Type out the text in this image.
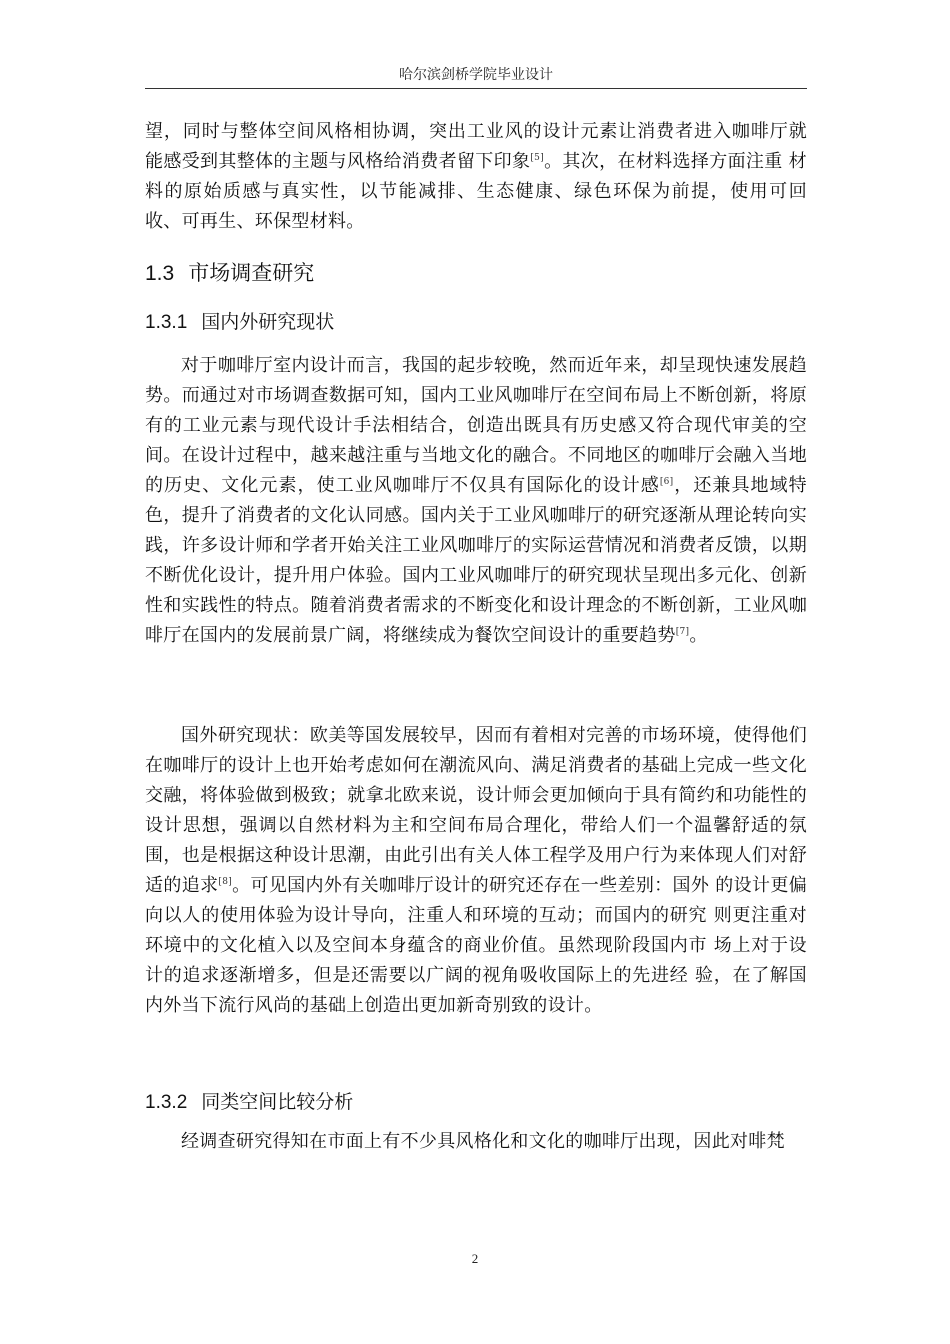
哈尔滨剑桥学院毕业设计
望，同时与整体空间风格相协调，突出工业风的设计元素让消费者进入咖啡厅就 能感受到其整体的主题与风格给消费者留下印象[5]。其次，在材料选择方面注重 材料的原始质感与真实性，以节能减排、生态健康、绿色环保为前提，使用可回 收、可再生、环保型材料。
1.3 市场调查研究
1.3.1 国内外研究现状
对于咖啡厅室内设计而言，我国的起步较晚，然而近年来，却呈现快速发展趋势。而通过对市场调查数据可知，国内工业风咖啡厅在空间布局上不断创新，将原有的工业元素与现代设计手法相结合，创造出既具有历史感又符合现代审美的空间。在设计过程中，越来越注重与当地文化的融合。不同地区的咖啡厅会融入当地的历史、文化元素，使工业风咖啡厅不仅具有国际化的设计感[6]，还兼具地域特色，提升了消费者的文化认同感。国内关于工业风咖啡厅的研究逐渐从理论转向实践，许多设计师和学者开始关注工业风咖啡厅的实际运营情况和消费者反馈，以期不断优化设计，提升用户体验。国内工业风咖啡厅的研究现状呈现出多元化、创新性和实践性的特点。随着消费者需求的不断变化和设计理念的不断创新，工业风咖啡厅在国内的发展前景广阔，将继续成为餐饮空间设计的重要趋势[7]。
国外研究现状：欧美等国发展较早，因而有着相对完善的市场环境，使得他们在咖啡厅的设计上也开始考虑如何在潮流风向、满足消费者的基础上完成一些文化交融，将体验做到极致；就拿北欧来说，设计师会更加倾向于具有简约和功能性的设计思想，强调以自然材料为主和空间布局合理化，带给人们一个温馨舒适的氛围，也是根据这种设计思潮，由此引出有关人体工程学及用户行为来体现人们对舒适的追求[8]。可见国内外有关咖啡厅设计的研究还存在一些差别：国外 的设计更偏向以人的使用体验为设计导向，注重人和环境的互动；而国内的研究 则更注重对环境中的文化植入以及空间本身蕴含的商业价值。虽然现阶段国内市 场上对于设计的追求逐渐增多，但是还需要以广阔的视角吸收国际上的先进经 验，在了解国内外当下流行风尚的基础上创造出更加新奇别致的设计。
1.3.2 同类空间比较分析
经调查研究得知在市面上有不少具风格化和文化的咖啡厅出现，因此对啡梵
2
